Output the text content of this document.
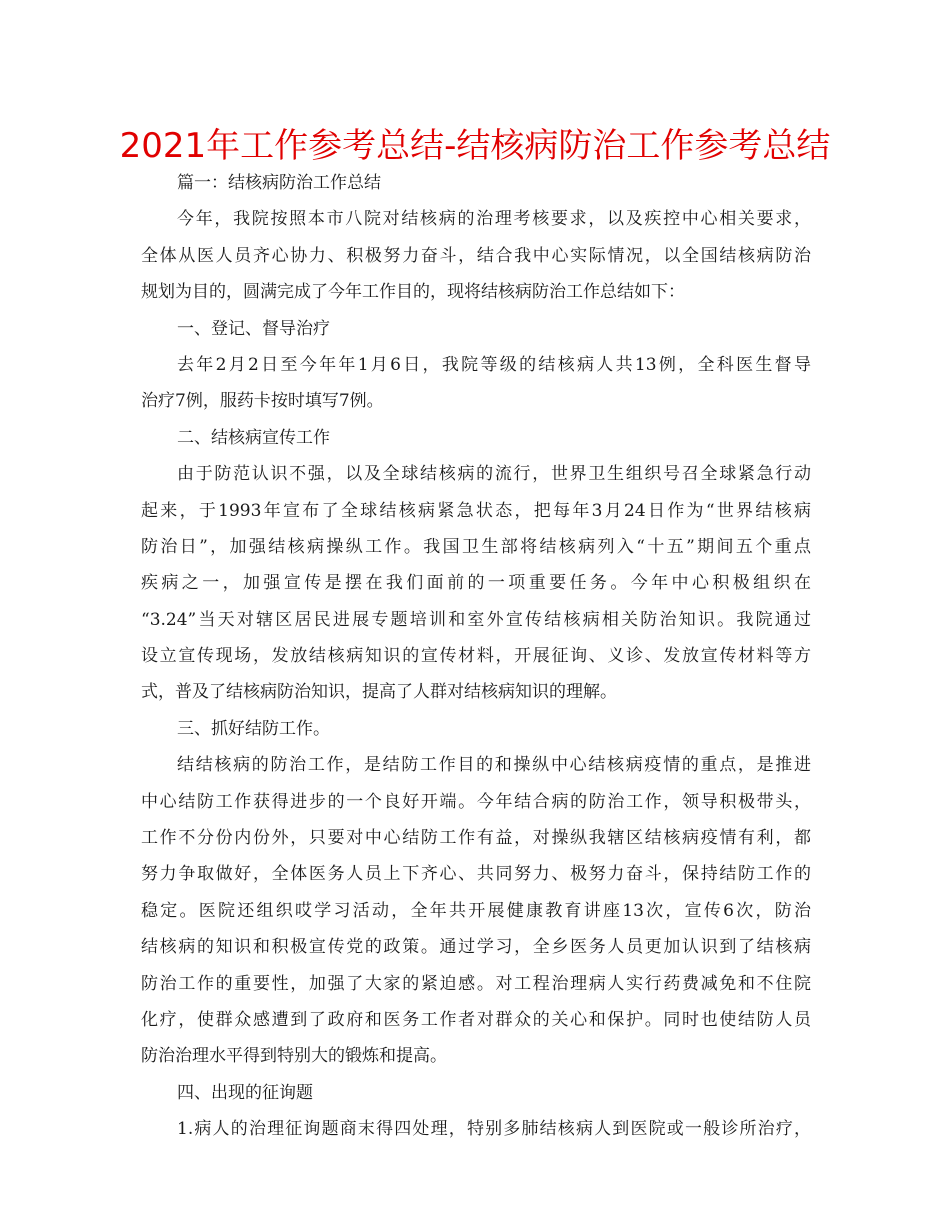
2021年工作参考总结-结核病防治工作参考总结
篇一：结核病防治工作总结
今年，我院按照本市八院对结核病的治理考核要求，以及疾控中心相关要求，
全体从医人员齐心协力、积极努力奋斗，结合我中心实际情况，以全国结核病防治
规划为目的，圆满完成了今年工作目的，现将结核病防治工作总结如下：
一、登记、督导治疗
去年2月2日至今年年1月6日，我院等级的结核病人共13例，全科医生督导
治疗7例，服药卡按时填写7例。
二、结核病宣传工作
由于防范认识不强，以及全球结核病的流行，世界卫生组织号召全球紧急行动
起来，于1993年宣布了全球结核病紧急状态，把每年3月24日作为“世界结核病
防治日”，加强结核病操纵工作。我国卫生部将结核病列入“十五”期间五个重点
疾病之一，加强宣传是摆在我们面前的一项重要任务。今年中心积极组织在
“3.24”当天对辖区居民进展专题培训和室外宣传结核病相关防治知识。我院通过
设立宣传现场，发放结核病知识的宣传材料，开展征询、义诊、发放宣传材料等方
式，普及了结核病防治知识，提高了人群对结核病知识的理解。
三、抓好结防工作。
结结核病的防治工作，是结防工作目的和操纵中心结核病疫情的重点，是推进
中心结防工作获得进步的一个良好开端。今年结合病的防治工作，领导积极带头，
工作不分份内份外，只要对中心结防工作有益，对操纵我辖区结核病疫情有利，都
努力争取做好，全体医务人员上下齐心、共同努力、极努力奋斗，保持结防工作的
稳定。医院还组织哎学习活动，全年共开展健康教育讲座13次，宣传6次，防治
结核病的知识和积极宣传党的政策。通过学习，全乡医务人员更加认识到了结核病
防治工作的重要性，加强了大家的紧迫感。对工程治理病人实行药费减免和不住院
化疗，使群众感遭到了政府和医务工作者对群众的关心和保护。同时也使结防人员
防治治理水平得到特别大的锻炼和提高。
四、出现的征询题
1.病人的治理征询题商末得四处理，特别多肺结核病人到医院或一般诊所治疗，
